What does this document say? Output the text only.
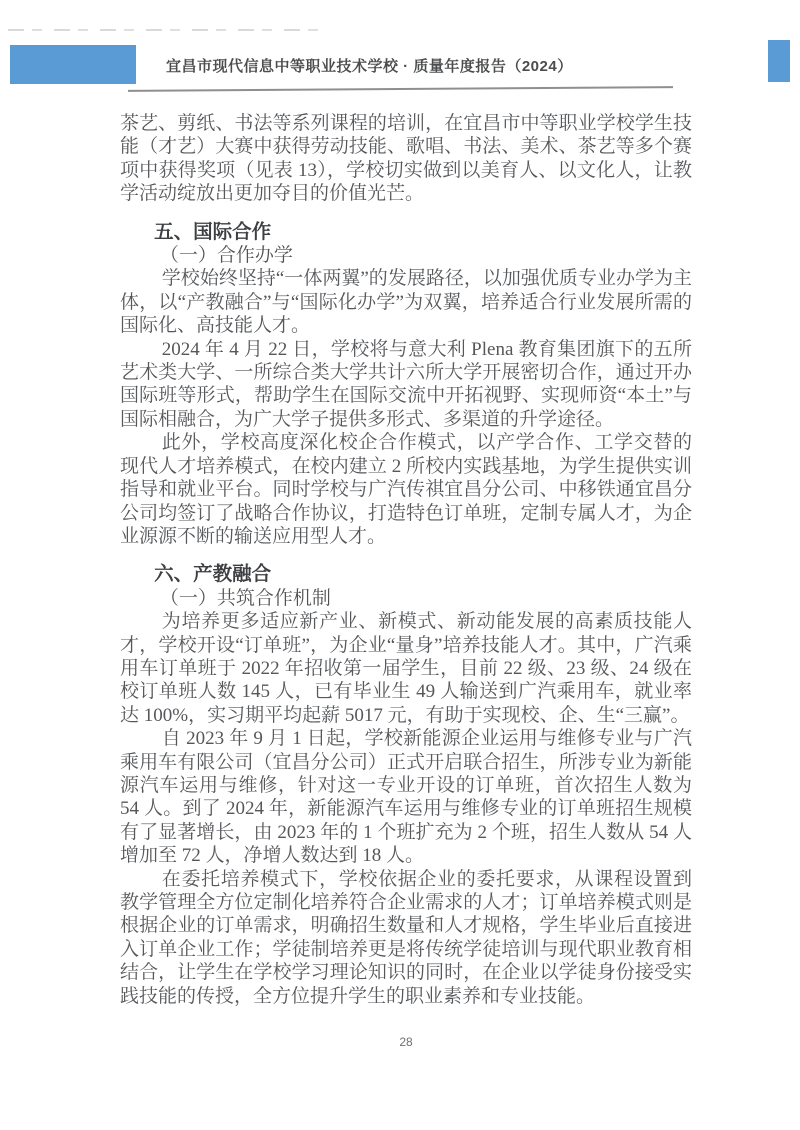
宜昌市现代信息中等职业技术学校 · 质量年度报告（2024）

茶艺、剪纸、书法等系列课程的培训，在宜昌市中等职业学校学生技能（才艺）大赛中获得劳动技能、歌唱、书法、美术、茶艺等多个赛项中获得奖项（见表 13），学校切实做到以美育人、以文化人，让教学活动绽放出更加夺目的价值光芒。

五、国际合作

（一）合作办学

学校始终坚持“一体两翼”的发展路径，以加强优质专业办学为主体，以“产教融合”与“国际化办学”为双翼，培养适合行业发展所需的国际化、高技能人才。

2024 年 4 月 22 日，学校将与意大利 Plena 教育集团旗下的五所艺术类大学、一所综合类大学共计六所大学开展密切合作，通过开办国际班等形式，帮助学生在国际交流中开拓视野、实现师资“本土”与国际相融合，为广大学子提供多形式、多渠道的升学途径。

此外，学校高度深化校企合作模式，以产学合作、工学交替的现代人才培养模式，在校内建立 2 所校内实践基地，为学生提供实训指导和就业平台。同时学校与广汽传祺宜昌分公司、中移铁通宜昌分公司均签订了战略合作协议，打造特色订单班，定制专属人才，为企业源源不断的输送应用型人才。

六、产教融合

（一）共筑合作机制

为培养更多适应新产业、新模式、新动能发展的高素质技能人才，学校开设“订单班”，为企业“量身”培养技能人才。其中，广汽乘用车订单班于 2022 年招收第一届学生，目前 22 级、23 级、24 级在校订单班人数 145 人，已有毕业生 49 人输送到广汽乘用车，就业率达 100%，实习期平均起薪 5017 元，有助于实现校、企、生“三赢”。

自 2023 年 9 月 1 日起，学校新能源企业运用与维修专业与广汽乘用车有限公司（宜昌分公司）正式开启联合招生，所涉专业为新能源汽车运用与维修，针对这一专业开设的订单班，首次招生人数为 54 人。到了 2024 年，新能源汽车运用与维修专业的订单班招生规模有了显著增长，由 2023 年的 1 个班扩充为 2 个班，招生人数从 54 人增加至 72 人，净增人数达到 18 人。

在委托培养模式下，学校依据企业的委托要求，从课程设置到教学管理全方位定制化培养符合企业需求的人才；订单培养模式则是根据企业的订单需求，明确招生数量和人才规格，学生毕业后直接进入订单企业工作；学徒制培养更是将传统学徒培训与现代职业教育相结合，让学生在学校学习理论知识的同时，在企业以学徒身份接受实践技能的传授，全方位提升学生的职业素养和专业技能。

28
